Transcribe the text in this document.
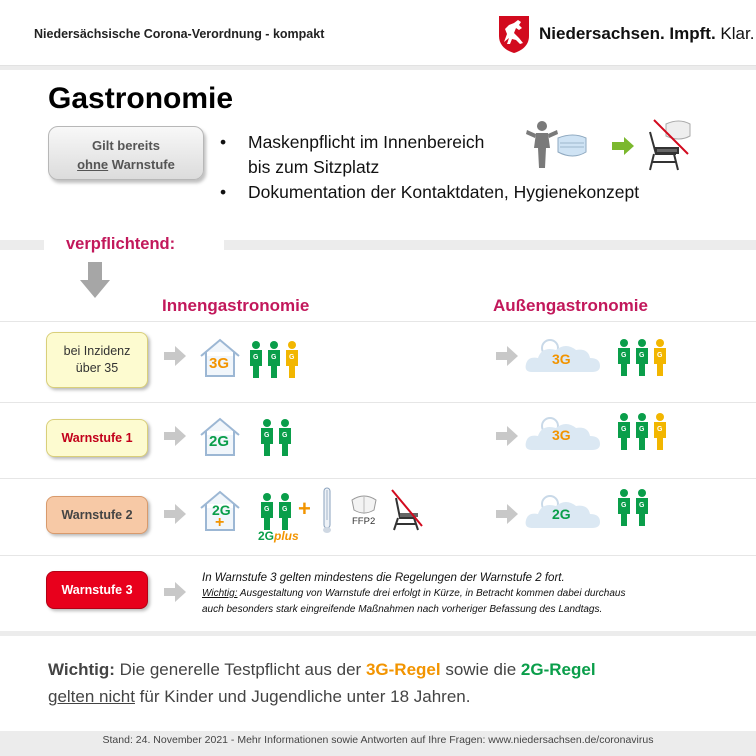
Niedersächsische Corona-Verordnung - kompakt	Niedersachsen. Impft. Klar.
Gastronomie
Gilt bereits
ohne Warnstufe
• Maskenpflicht im Innenbereich
bis zum Sitzplatz
• Dokumentation der Kontaktdaten, Hygienekonzept
verpflichtend:
Innengastronomie	Außengastronomie
bei Inzidenz
über 35
Warnstufe 1
Warnstufe 2
Warnstufe 3
3G
2G
2G
+
3G
3G
2G
G G G
G G
G G +
2Gplus
FFP2
G G G
G G G
G G
In Warnstufe 3 gelten mindestens die Regelungen der Warnstufe 2 fort.
Wichtig: Ausgestaltung von Warnstufe drei erfolgt in Kürze, in Betracht kommen dabei durchaus
auch besonders stark eingreifende Maßnahmen nach vorheriger Befassung des Landtags.
Wichtig: Die generelle Testpflicht aus der 3G-Regel sowie die 2G-Regel
gelten nicht für Kinder und Jugendliche unter 18 Jahren.
Stand: 24. November 2021 - Mehr Informationen sowie Antworten auf Ihre Fragen: www.niedersachsen.de/coronavirus
